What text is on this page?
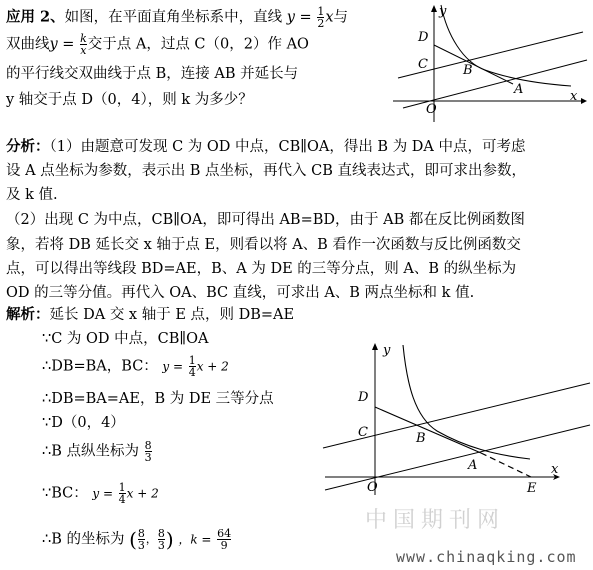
应用 2、如图，在平面直角坐标系中，直线 $y = \frac{1}{2}$ x与
双曲线$y = \frac{k}{x}$ 交于点 A，过点 C（0，2）作 AO
的平行线交双曲线于点 B，连接 AB 并延长与
y 轴交于点 D（0，4），则 k 为多少？
y
x
D
C	B
A
O
分析：（1）由题意可发现 C 为 OD 中点，CB∥OA，得出 B 为 DA 中点，可考虑
设 A 点坐标为参数，表示出 B 点坐标，再代入 CB 直线表达式，即可求出参数，
及 k 值.
（2）出现 C 为中点，CB∥OA，即可得出 AB=BD，由于 AB 都在反比例函数图
象，若将 DB 延长交 x 轴于点 E，则看以将 A、B 看作一次函数与反比例函数交
点，可以得出等线段 BD=AE，B、A 为 DE 的三等分点，则 A、B 的纵坐标为
OD 的三等分值。再代入 OA、BC 直线，可求出 A、B 两点坐标和 k 值.
解析：延长 DA 交 x 轴于 E 点，则 DB=AE
∵C 为 OD 中点，CB∥OA
∴DB=BA，BC： $y = \frac{1}{4}$ x + 2
∴DB=BA=AE，B 为 DE 三等分点
∵D（0，4）
∴B 点纵坐标为 $\frac{8}{3}$
∵BC： $y = \frac{1}{4}$ x + 2
∴B 的坐标为 ( $\frac{8}{3}$ ， $\frac{8}{3}$ ) ，$k = \frac{64}{9}$
y
x
D
C	B
A
O	E
中国期刊网
www.chinaqking.com
